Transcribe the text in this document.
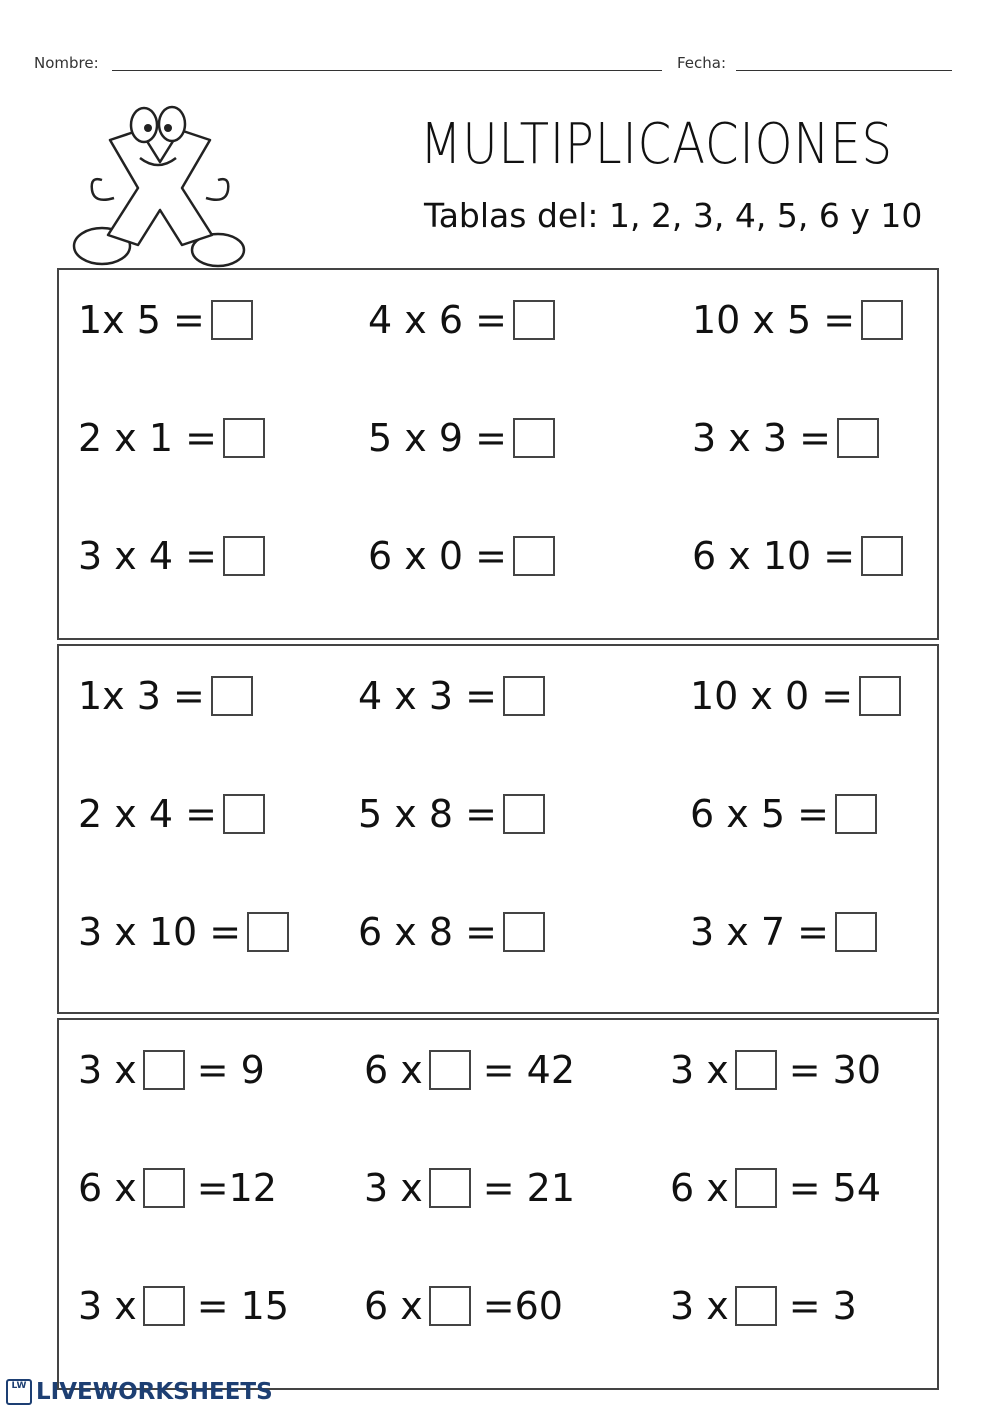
Nombre:	Fecha:
MULTIPLICACIONES
Tablas del: 1, 2, 3, 4, 5, 6 y 10
1x 5 =	4 x 6 =	10 x 5 =
2 x 1 =	5 x 9 =	3 x 3 =
3 x 4 =	6 x 0 =	6 x 10 =
1x 3 =	4 x 3 =	10 x 0 =
2 x 4 =	5 x 8 =	6 x 5 =
3 x 10 =	6 x 8 =	3 x 7 =
3 x = 9	6 x = 42 3 x = 30
6 x =12 3 x = 21 6 x = 54
3 x = 15 6 x =60	3 x = 3
LW LIVEWORKSHEETS
